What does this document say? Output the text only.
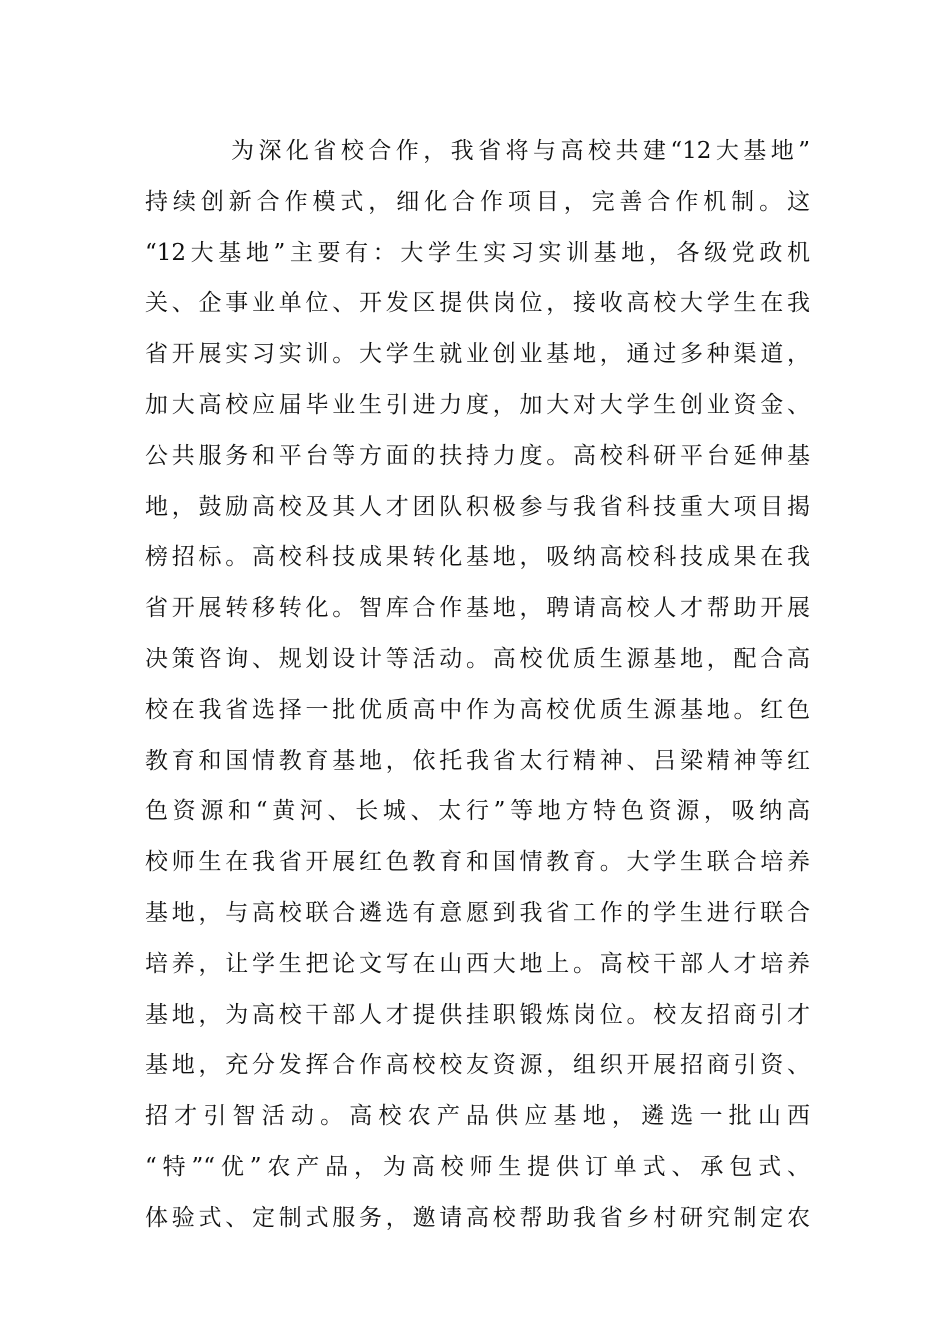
为深化省校合作，我省将与高校共建“12大基地”
持续创新合作模式，细化合作项目，完善合作机制。这
“12大基地”主要有：大学生实习实训基地，各级党政机
关、企事业单位、开发区提供岗位，接收高校大学生在我
省开展实习实训。大学生就业创业基地，通过多种渠道，
加大高校应届毕业生引进力度，加大对大学生创业资金、
公共服务和平台等方面的扶持力度。高校科研平台延伸基
地，鼓励高校及其人才团队积极参与我省科技重大项目揭
榜招标。高校科技成果转化基地，吸纳高校科技成果在我
省开展转移转化。智库合作基地，聘请高校人才帮助开展
决策咨询、规划设计等活动。高校优质生源基地，配合高
校在我省选择一批优质高中作为高校优质生源基地。红色
教育和国情教育基地，依托我省太行精神、吕梁精神等红
色资源和“黄河、长城、太行”等地方特色资源，吸纳高
校师生在我省开展红色教育和国情教育。大学生联合培养
基地，与高校联合遴选有意愿到我省工作的学生进行联合
培养，让学生把论文写在山西大地上。高校干部人才培养
基地，为高校干部人才提供挂职锻炼岗位。校友招商引才
基地，充分发挥合作高校校友资源，组织开展招商引资、
招才引智活动。高校农产品供应基地，遴选一批山西
“特”“优”农产品，为高校师生提供订单式、承包式、
体验式、定制式服务，邀请高校帮助我省乡村研究制定农
